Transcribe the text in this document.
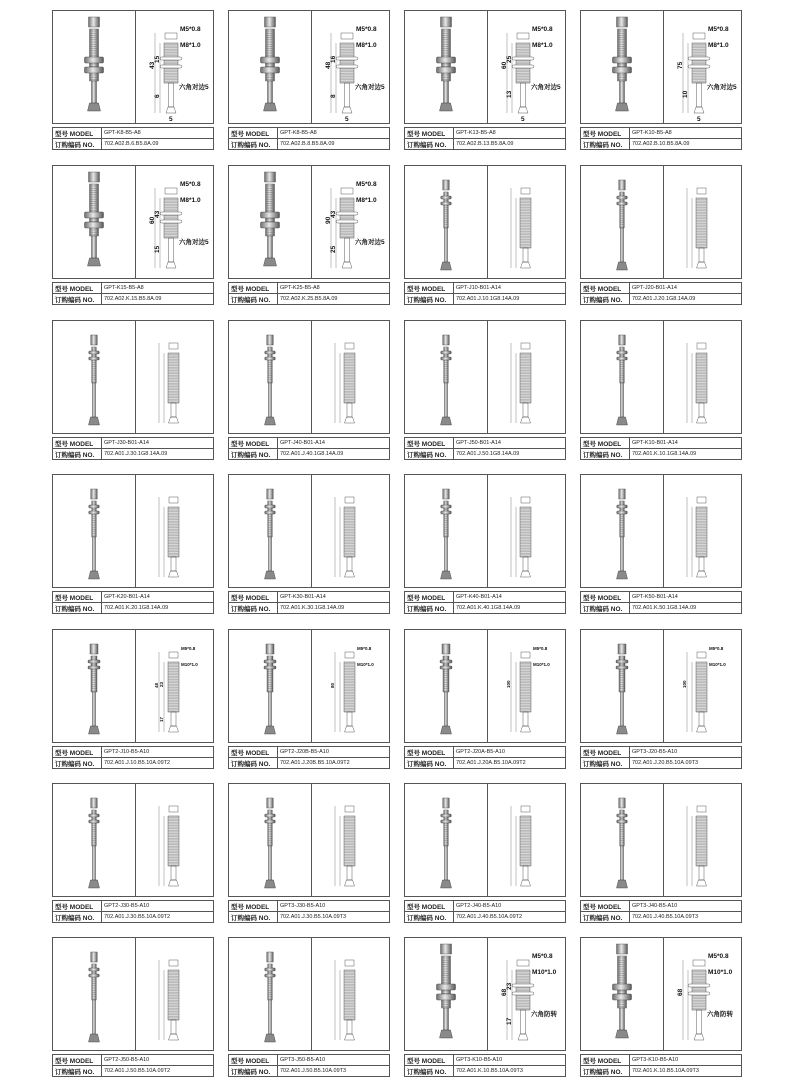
M5*0.8
M8*1.0
六角对边5
43
15
6
5
型号 MODEL	GPT-K8-B5-A8
订购编码 NO.	702.A02.B.6.B5.8A.09
M5*0.8
M8*1.0
六角对边5
48
16
8
5
型号 MODEL	GPT-K8-B5-A8
订购编码 NO.	702.A02.B.8.B5.8A.09
M5*0.8
M8*1.0
六角对边5
60
25
13
5
型号 MODEL	GPT-K13-B5-A8
订购编码 NO.	702.A02.B.13.B5.8A.09
M5*0.8
M8*1.0
六角对边5
75
10
5
型号 MODEL	GPT-K10-B5-A8
订购编码 NO.	702.A02.B.10.B5.8A.09
M5*0.8
M8*1.0
六角对边5
60
43
15
型号 MODEL	GPT-K15-B5-A8
订购编码 NO.	702.A02.K.15.B5.8A.09
M5*0.8
M8*1.0
六角对边5
90
43
25
型号 MODEL	GPT-K25-B5-A8
订购编码 NO.	702.A02.K.25.B5.8A.09
型号 MODEL	GPT-J10-B01-A14
订购编码 NO.	702.A01.J.10.1G8.14A.09
型号 MODEL	GPT-J20-B01-A14
订购编码 NO.	702.A01.J.20.1G8.14A.09
型号 MODEL	GPT-J30-B01-A14
订购编码 NO.	702.A01.J.30.1G8.14A.09
型号 MODEL	GPT-J40-B01-A14
订购编码 NO.	702.A01.J.40.1G8.14A.09
型号 MODEL	GPT-J50-B01-A14
订购编码 NO.	702.A01.J.50.1G8.14A.09
型号 MODEL	GPT-K10-B01-A14
订购编码 NO.	702.A01.K.10.1G8.14A.09
型号 MODEL	GPT-K20-B01-A14
订购编码 NO.	702.A01.K.20.1G8.14A.09
型号 MODEL	GPT-K30-B01-A14
订购编码 NO.	702.A01.K.30.1G8.14A.09
型号 MODEL	GPT-K40-B01-A14
订购编码 NO.	702.A01.K.40.1G8.14A.09
型号 MODEL	GPT-K50-B01-A14
订购编码 NO.	702.A01.K.50.1G8.14A.09
M5*0.8
M10*1.0
48 23
17
型号 MODEL	GPT2-J10-B5-A10
订购编码 NO.	702.A01.J.10.B5.10A.09T2
M5*0.8
M10*1.0
80
型号 MODEL	GPT2-J20B-B5-A10
订购编码 NO.	702.A01.J.20B.B5.10A.09T2
M5*0.8
M10*1.0
100
型号 MODEL	GPT2-J20A-B5-A10
订购编码 NO.	702.A01.J.20A.B5.10A.09T2
M5*0.8
M10*1.0
100
型号 MODEL	GPT3-J20-B5-A10
订购编码 NO.	702.A01.J.20.B5.10A.09T3
型号 MODEL	GPT2-J30-B5-A10
订购编码 NO.	702.A01.J.30.B5.10A.09T2
型号 MODEL	GPT3-J30-B5-A10
订购编码 NO.	702.A01.J.30.B5.10A.09T3
型号 MODEL	GPT2-J40-B5-A10
订购编码 NO.	702.A01.J.40.B5.10A.09T2
型号 MODEL	GPT3-J40-B5-A10
订购编码 NO.	702.A01.J.40.B5.10A.09T3
型号 MODEL	GPT2-J50-B5-A10
订购编码 NO.	702.A01.J.50.B5.10A.09T2
型号 MODEL	GPT3-J50-B5-A10
订购编码 NO.	702.A01.J.50.B5.10A.09T3
M5*0.8
M10*1.0
六角防转
68
23
17
型号 MODEL	GPT3-K10-B5-A10
订购编码 NO.	702.A01.K.10.B5.10A.09T3
M5*0.8
M10*1.0
六角防转
68
型号 MODEL	GPT3-K10-B5-A10
订购编码 NO.	702.A01.K.10.B5.10A.09T3
